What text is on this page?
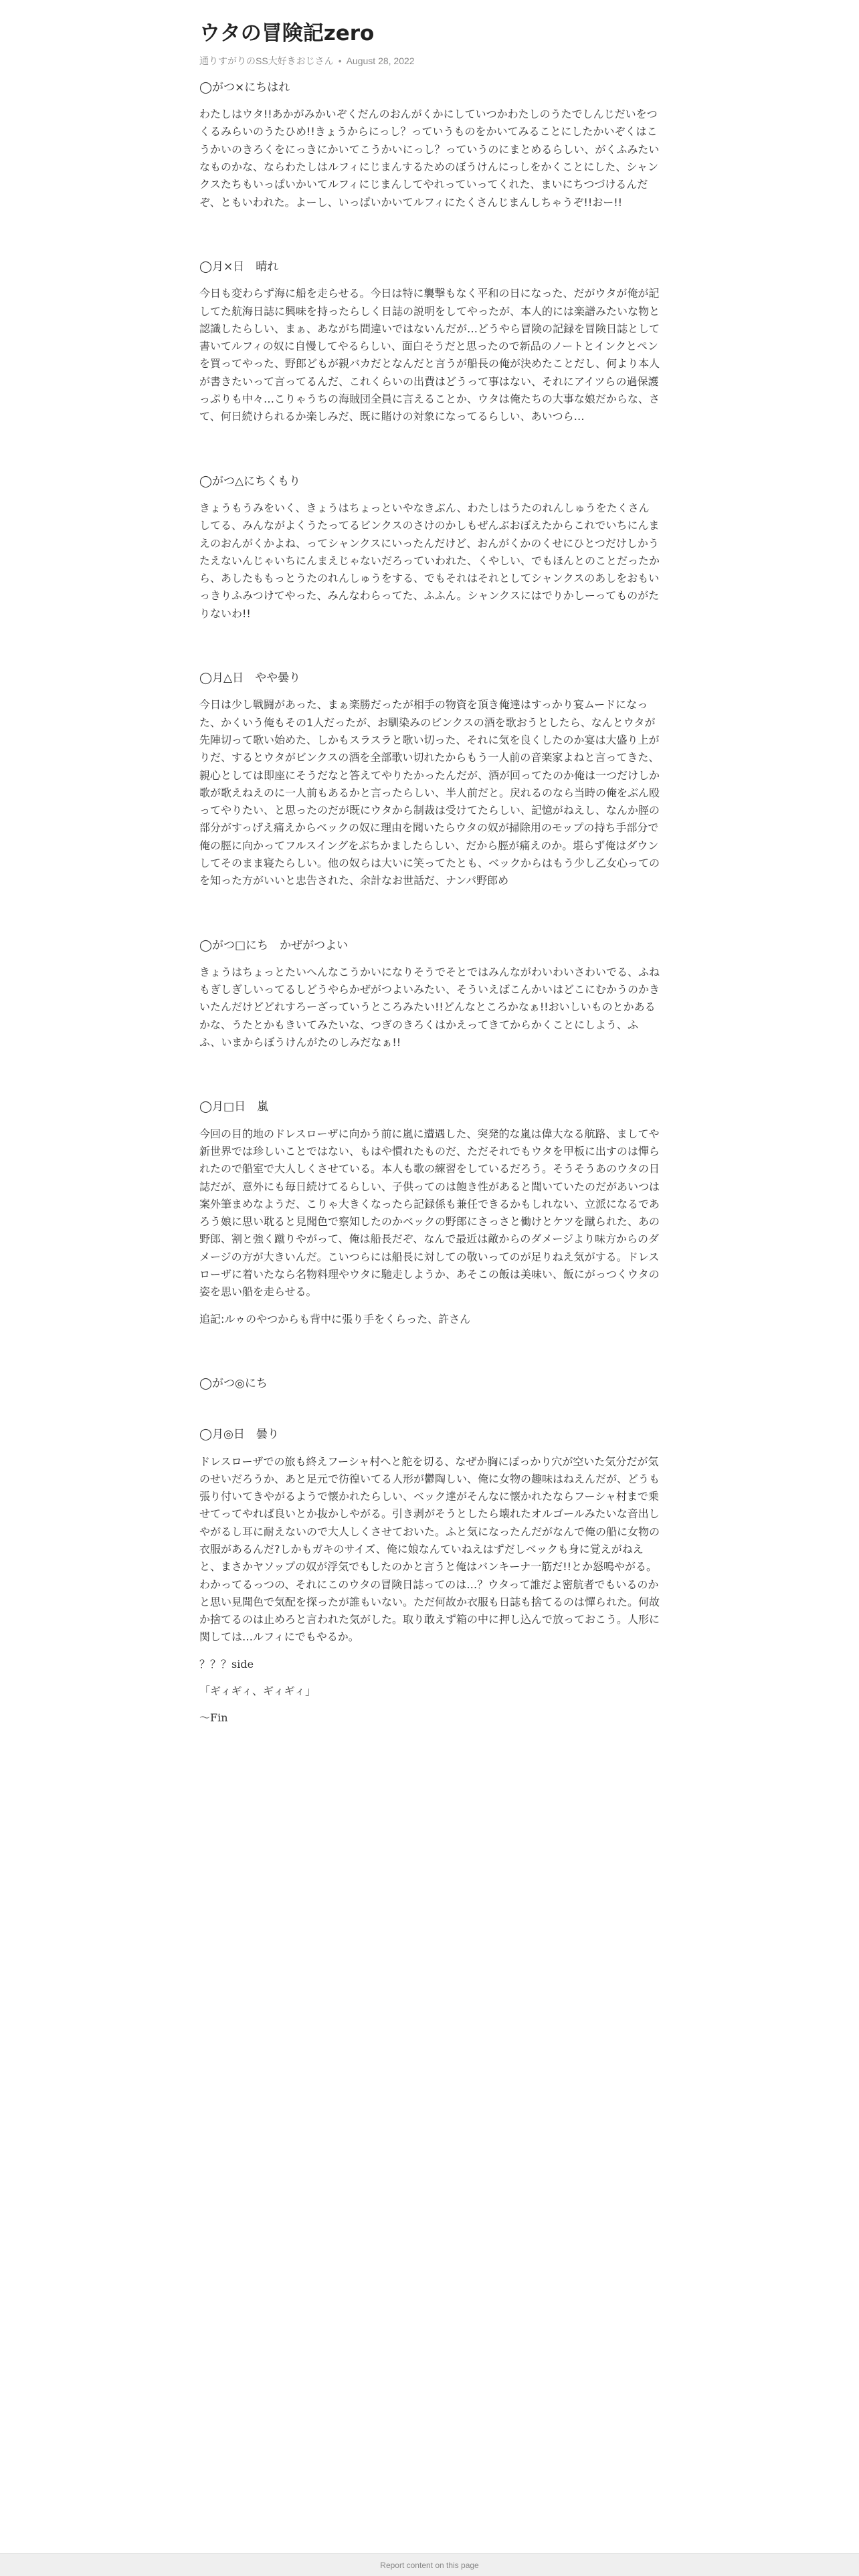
ウタの冒険記zero
通りすがりのSS大好きおじさん • August 28, 2022

◯がつ×にちはれ

わたしはウタ!!あかがみかいぞくだんのおんがくかにしていつかわたしのうたでしんじだいをつくるみらいのうたひめ!!きょうからにっし？っていうものをかいてみることにしたかいぞくはこうかいのきろくをにっきにかいてこうかいにっし？っていうのにまとめるらしい、がくふみたいなものかな、ならわたしはルフィにじまんするためのぼうけんにっしをかくことにした、シャンクスたちもいっぱいかいてルフィにじまんしてやれっていってくれた、まいにちつづけるんだぞ、ともいわれた。よーし、いっぱいかいてルフィにたくさんじまんしちゃうぞ!!おー!!

◯月×日　晴れ

今日も変わらず海に船を走らせる。今日は特に襲撃もなく平和の日になった、だがウタが俺が記してた航海日誌に興味を持ったらしく日誌の説明をしてやったが、本人的には楽譜みたいな物と認識したらしい、まぁ、あながち間違いではないんだが…どうやら冒険の記録を冒険日誌として書いてルフィの奴に自慢してやるらしい、面白そうだと思ったので新品のノートとインクとペンを買ってやった、野郎どもが親バカだとなんだと言うが船長の俺が決めたことだし、何より本人が書きたいって言ってるんだ、これくらいの出費はどうって事はない、それにアイツらの過保護っぷりも中々…こりゃうちの海賊団全員に言えることか、ウタは俺たちの大事な娘だからな、さて、何日続けられるか楽しみだ、既に賭けの対象になってるらしい、あいつら…

◯がつ△にちくもり

きょうもうみをいく、きょうはちょっといやなきぶん、わたしはうたのれんしゅうをたくさんしてる、みんながよくうたってるビンクスのさけのかしもぜんぶおぼえたからこれでいちにんまえのおんがくかよね、ってシャンクスにいったんだけど、おんがくかのくせにひとつだけしかうたえないんじゃいちにんまえじゃないだろっていわれた、くやしい、でもほんとのことだったから、あしたももっとうたのれんしゅうをする、でもそれはそれとしてシャンクスのあしをおもいっきりふみつけてやった、みんなわらってた、ふふん。シャンクスにはでりかしーってものがたりないわ!!

◯月△日　やや曇り

今日は少し戦闘があった、まぁ楽勝だったが相手の物資を頂き俺達はすっかり宴ムードになった、かくいう俺もその1人だったが、お馴染みのビンクスの酒を歌おうとしたら、なんとウタが先陣切って歌い始めた、しかもスラスラと歌い切った、それに気を良くしたのか宴は大盛り上がりだ、するとウタがビンクスの酒を全部歌い切れたからもう一人前の音楽家よねと言ってきた、親心としては即座にそうだなと答えてやりたかったんだが、酒が回ってたのか俺は一つだけしか歌が歌えねえのに一人前もあるかと言ったらしい、半人前だと。戻れるのなら当時の俺をぶん殴ってやりたい、と思ったのだが既にウタから制裁は受けてたらしい、記憶がねえし、なんか脛の部分がすっげえ痛えからベックの奴に理由を聞いたらウタの奴が掃除用のモップの持ち手部分で俺の脛に向かってフルスイングをぶちかましたらしい、だから脛が痛えのか。堪らず俺はダウンしてそのまま寝たらしい。他の奴らは大いに笑ってたとも、ベックからはもう少し乙女心ってのを知った方がいいと忠告された、余計なお世話だ、ナンパ野郎め

◯がつ□にち　かぜがつよい

きょうはちょっとたいへんなこうかいになりそうでそとではみんながわいわいさわいでる、ふねもぎしぎしいってるしどうやらかぜがつよいみたい、そういえばこんかいはどこにむかうのかきいたんだけどどれすろーざっていうところみたい!!どんなところかなぁ!!おいしいものとかあるかな、うたとかもきいてみたいな、つぎのきろくはかえってきてからかくことにしよう、ふふ、いまからぼうけんがたのしみだなぁ!!

◯月□日　嵐

今回の目的地のドレスローザに向かう前に嵐に遭遇した、突発的な嵐は偉大なる航路、ましてや新世界では珍しいことではない、もはや慣れたものだ、ただそれでもウタを甲板に出すのは憚られたので船室で大人しくさせている。本人も歌の練習をしているだろう。そうそうあのウタの日誌だが、意外にも毎日続けてるらしい、子供ってのは飽き性があると聞いていたのだがあいつは案外筆まめなようだ、こりゃ大きくなったら記録係も兼任できるかもしれない、立派になるであろう娘に思い耽ると見聞色で察知したのかベックの野郎にさっさと働けとケツを蹴られた、あの野郎、割と強く蹴りやがって、俺は船長だぞ、なんで最近は敵からのダメージより味方からのダメージの方が大きいんだ。こいつらには船長に対しての敬いってのが足りねえ気がする。ドレスローザに着いたなら名物料理やウタに馳走しようか、あそこの飯は美味い、飯にがっつくウタの姿を思い船を走らせる。

追記:ルゥのやつからも背中に張り手をくらった、許さん

◯がつ◎にち

◯月◎日　曇り

ドレスローザでの旅も終えフーシャ村へと舵を切る、なぜか胸にぽっかり穴が空いた気分だが気のせいだろうか、あと足元で彷徨いてる人形が鬱陶しい、俺に女物の趣味はねえんだが、どうも張り付いてきやがるようで懐かれたらしい、ベック達がそんなに懐かれたならフーシャ村まで乗せてってやれば良いとか抜かしやがる。引き剥がそうとしたら壊れたオルゴールみたいな音出しやがるし耳に耐えないので大人しくさせておいた。ふと気になったんだがなんで俺の船に女物の衣服があるんだ?しかもガキのサイズ、俺に娘なんていねえはずだしベックも身に覚えがねえと、まさかヤソップの奴が浮気でもしたのかと言うと俺はバンキーナ一筋だ!!とか怒鳴やがる。わかってるっつの、それにこのウタの冒険日誌ってのは…？ウタって誰だよ密航者でもいるのかと思い見聞色で気配を探ったが誰もいない。ただ何故か衣服も日誌も捨てるのは憚られた。何故か捨てるのは止めろと言われた気がした。取り敢えず箱の中に押し込んで放っておこう。人形に関しては…ルフィにでもやるか。

？？？side

「ギィギィ、ギィギィ」

〜Fin

Report content on this page
